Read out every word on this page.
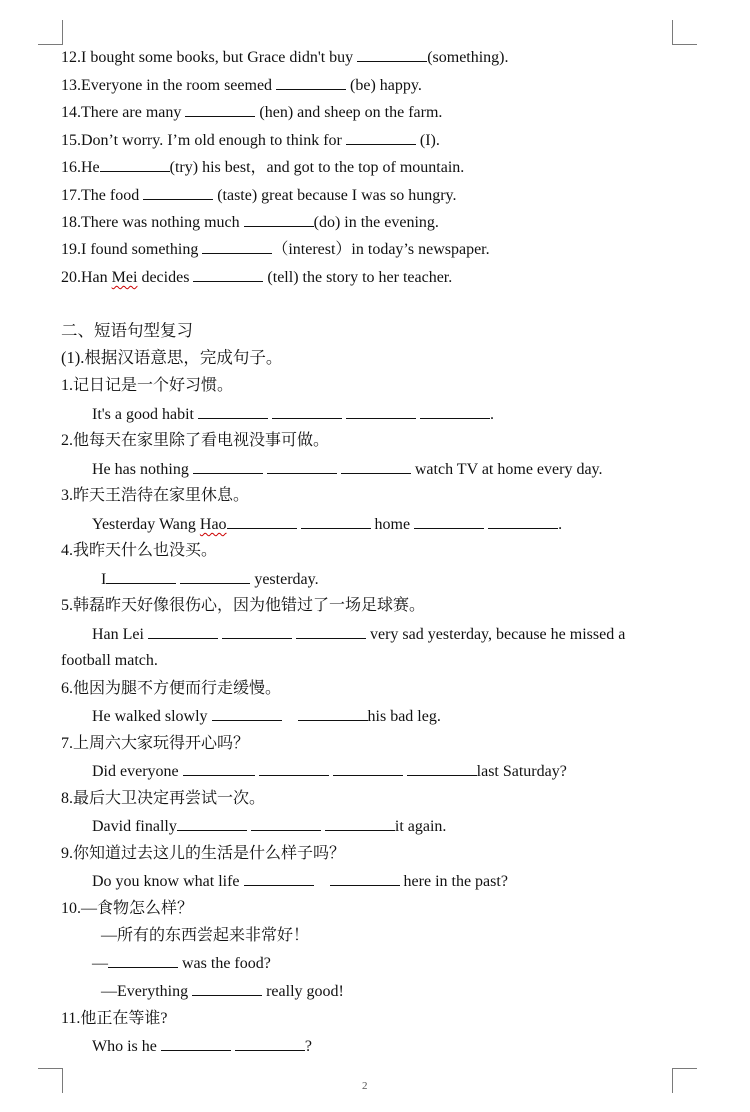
12.I bought some books, but Grace didn't buy	(something).
13.Everyone in the room seemed	(be) happy.
14.There are many	(hen) and sheep on the farm.
15.Don’t worry. I’m old enough to think for	(I).
16.He	(try) his best，and got to the top of mountain.
17.The food	(taste) great because I was so hungry.
18.There was nothing much	(do) in the evening.
19.I found something	（interest）in today’s newspaper.
20.Han Mei decides	(tell) the story to her teacher.
二、短语句型复习
(1).根据汉语意思，完成句子。
1.记日记是一个好习惯。
It's a good habit	.
2.他每天在家里除了看电视没事可做。
He has nothing	watch TV at home every day.
3.昨天王浩待在家里休息。
Yesterday Wang Hao	home	.
4.我昨天什么也没买。
I	yesterday.
5.韩磊昨天好像很伤心，因为他错过了一场足球赛。
Han Lei	very sad yesterday, because he missed a
football match.
6.他因为腿不方便而行走缓慢。
He walked slowly	his bad leg.
7.上周六大家玩得开心吗？
Did everyone	last Saturday?
8.最后大卫决定再尝试一次。
David finally	it again.
9.你知道过去这儿的生活是什么样子吗？
Do you know what life	here in the past?
10.—食物怎么样？
—所有的东西尝起来非常好！
—	was the food?
—Everything	really good!
11.他正在等谁?
Who is he	?
2
